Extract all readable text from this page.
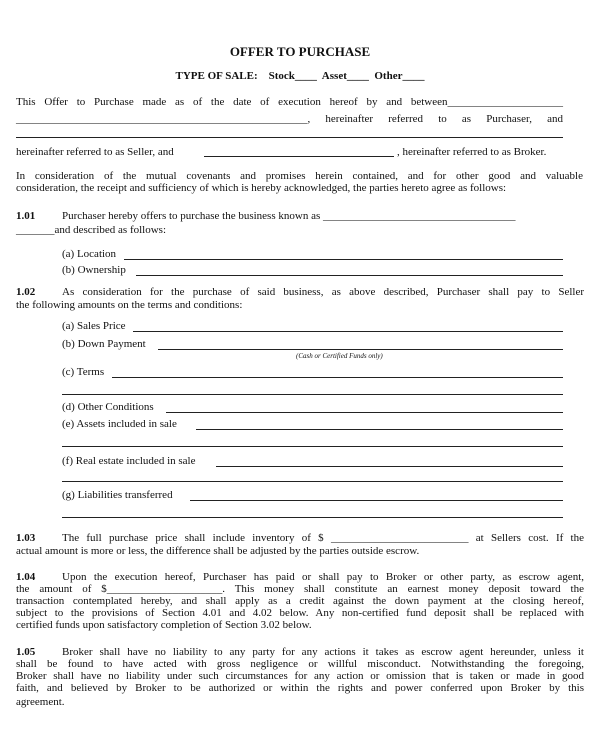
OFFER TO PURCHASE
TYPE OF SALE:    Stock____  Asset____  Other____
This Offer to Purchase made as of the date of execution hereof by and between_____________________
_____________________________________________________, hereinafter referred to as Purchaser, and
hereinafter referred to as Seller, and	, hereinafter referred to as Broker.
In consideration of the mutual covenants and promises herein contained, and for other good and valuable
consideration, the receipt and sufficiency of which is hereby acknowledged, the parties hereto agree as follows:
1.01 Purchaser hereby offers to purchase the business known as ___________________________________
_______and described as follows:
(a) Location
(b) Ownership
1.02 As consideration for the purchase of said business, as above described, Purchaser shall pay to Seller
the following amounts on the terms and conditions:
(a) Sales Price
(b) Down Payment
(Cash or Certified Funds only)
(c) Terms
(d) Other Conditions
(e) Assets included in sale
(f) Real estate included in sale
(g) Liabilities transferred
1.03 The full purchase price shall include inventory of $ _________________________ at Sellers cost. If the
actual amount is more or less, the difference shall be adjusted by the parties outside escrow.
1.04 Upon the execution hereof, Purchaser has paid or shall pay to Broker or other party, as escrow agent,
the amount of $_____________________. This money shall constitute an earnest money deposit toward the
transaction contemplated hereby, and shall apply as a credit against the down payment at the closing hereof,
subject to the provisions of Section 4.01 and 4.02 below. Any non-certified fund deposit shall be replaced with
certified funds upon satisfactory completion of Section 3.02 below.
1.05 Broker shall have no liability to any party for any actions it takes as escrow agent hereunder, unless it
shall be found to have acted with gross negligence or willful misconduct. Notwithstanding the foregoing,
Broker shall have no liability under such circumstances for any action or omission that is taken or made in good
faith, and believed by Broker to be authorized or within the rights and power conferred upon Broker by this
agreement.
